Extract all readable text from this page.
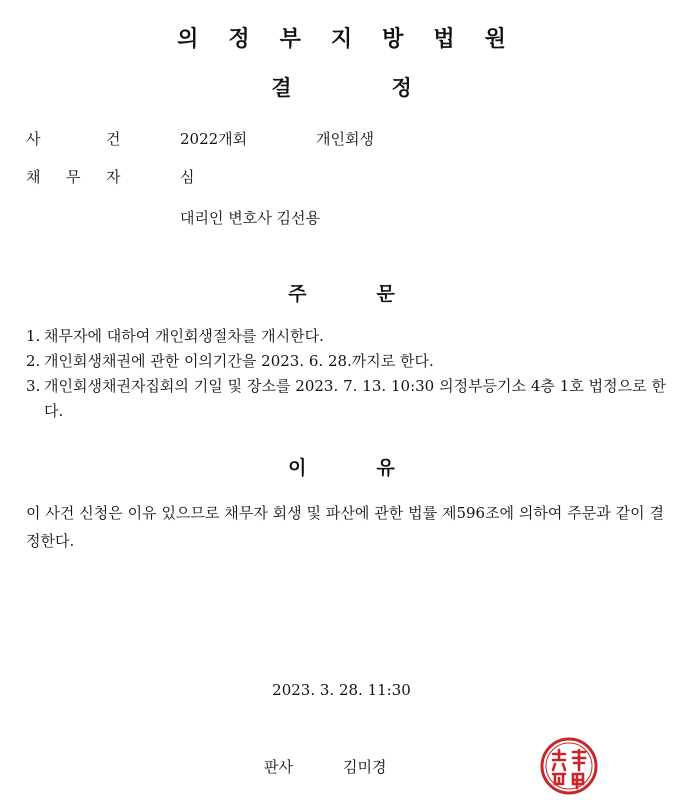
의정부지방법원
결정
사	건	2022개회	개인회생
채 무 자	심
대리인 변호사 김선용
주문
1. 채무자에 대하여 개인회생절차를 개시한다.
2. 개인회생채권에 관한 이의기간을 2023. 6. 28.까지로 한다.
3. 개인회생채권자집회의 기일 및 장소를 2023. 7. 13. 10:30 의정부등기소 4층 1호 법정으로 한다.
이유
이 사건 신청은 이유 있으므로 채무자 회생 및 파산에 관한 법률 제596조에 의하여 주문과 같이 결정한다.
2023. 3. 28. 11:30
판사	김미경
